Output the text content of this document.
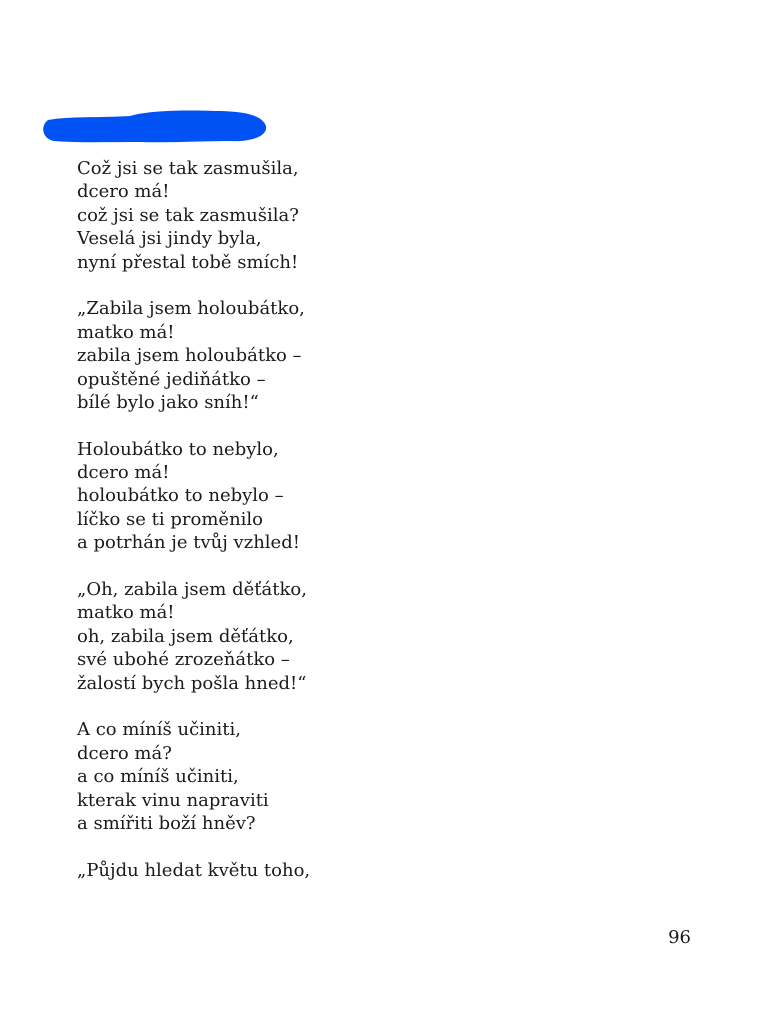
Což jsi se tak zasmušila,
dcero má!
což jsi se tak zasmušila?
Veselá jsi jindy byla,
nyní přestal tobě smích!
„Zabila jsem holoubátko,
matko má!
zabila jsem holoubátko –
opuštěné jediňátko –
bílé bylo jako sníh!“
Holoubátko to nebylo,
dcero má!
holoubátko to nebylo –
líčko se ti proměnilo
a potrhán je tvůj vzhled!
„Oh, zabila jsem děťátko,
matko má!
oh, zabila jsem děťátko,
své ubohé zrozeňátko –
žalostí bych pošla hned!“
A co míníš učiniti,
dcero má?
a co míníš učiniti,
kterak vinu napraviti
a smířiti boží hněv?
„Půjdu hledat květu toho,
96
